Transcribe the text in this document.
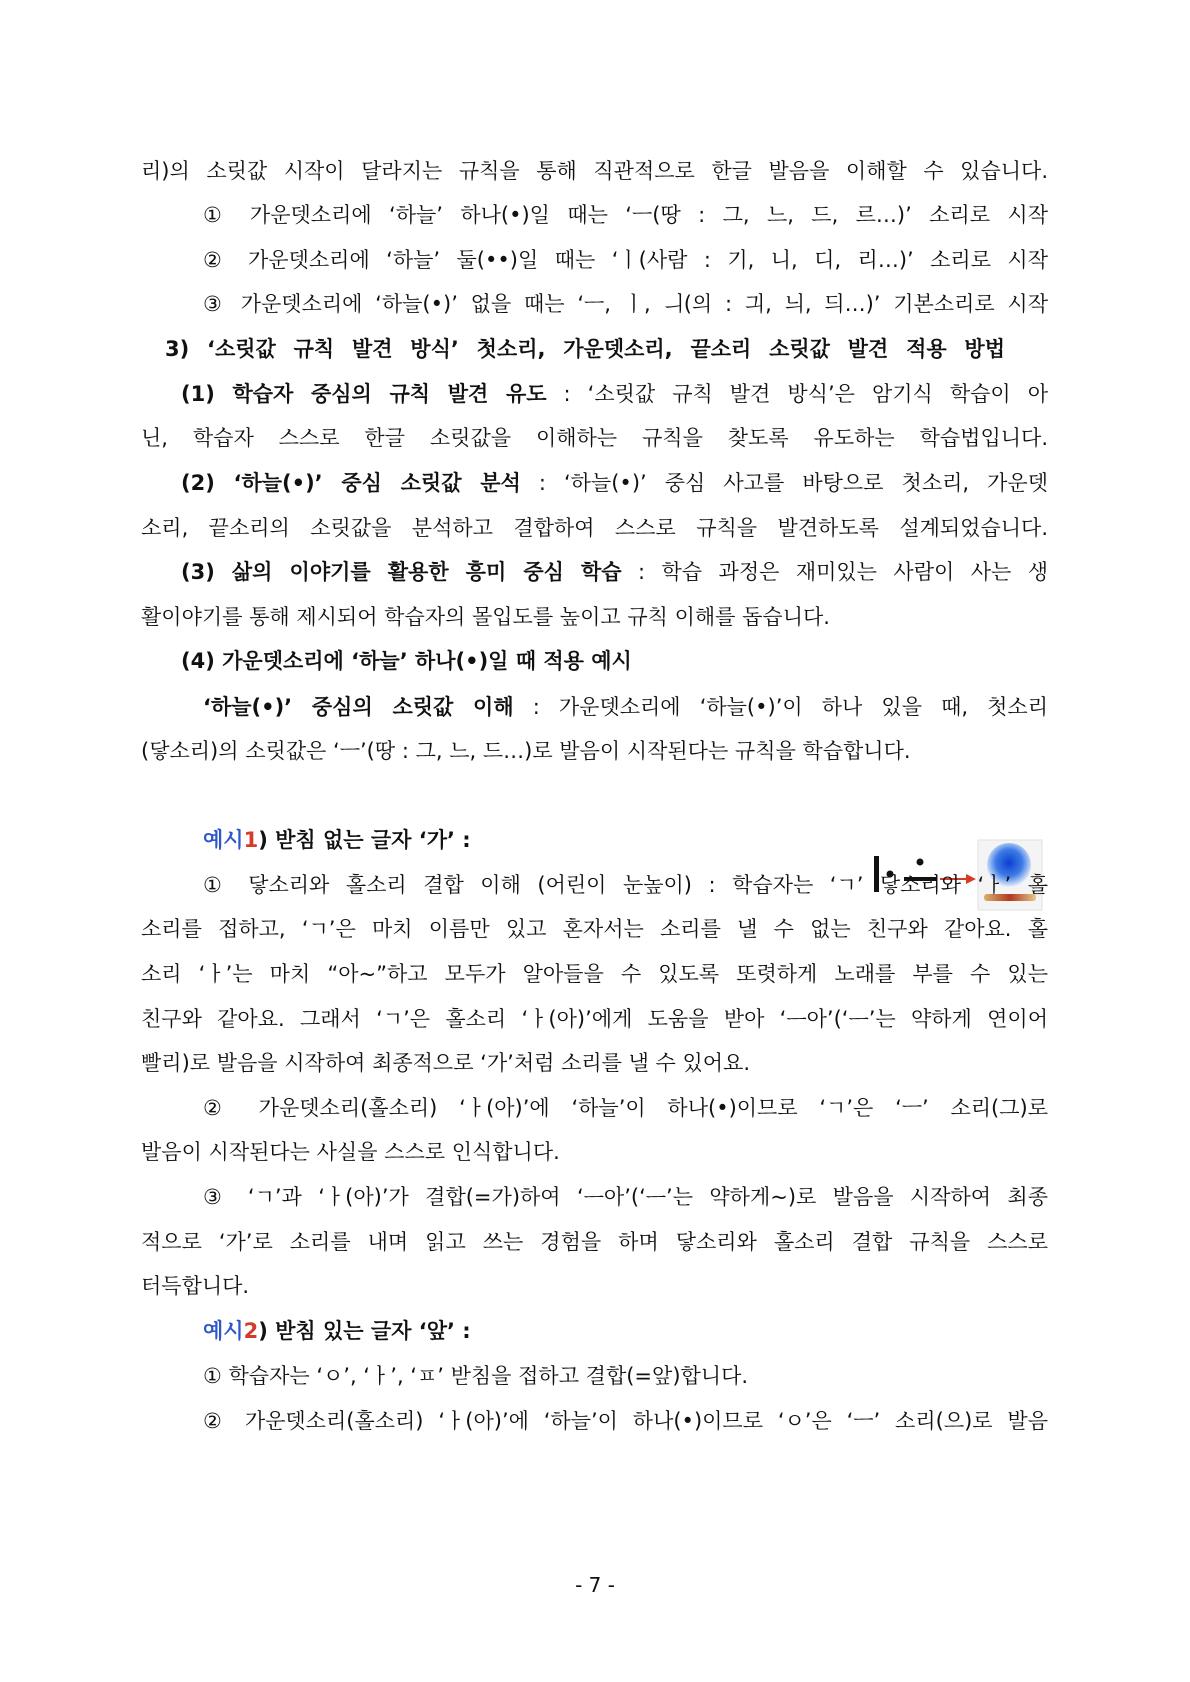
리)의 소릿값 시작이 달라지는 규칙을 통해 직관적으로 한글 발음을 이해할 수 있습니다.
① 가운뎃소리에 ‘하늘’ 하나(•)일 때는 ‘ㅡ(땅 : 그, 느, 드, 르…)’ 소리로 시작
② 가운뎃소리에 ‘하늘’ 둘(••)일 때는 ‘ㅣ(사람 : 기, 니, 디, 리…)’ 소리로 시작
③ 가운뎃소리에 ‘하늘(•)’ 없을 때는 ‘ㅡ, ㅣ, ㅢ(의 : 긔, 늬, 듸…)’ 기본소리로 시작
3) ‘소릿값 규칙 발견 방식’ 첫소리, 가운뎃소리, 끝소리 소릿값 발견 적용 방법
(1) 학습자 중심의 규칙 발견 유도 : ‘소릿값 규칙 발견 방식’은 암기식 학습이 아
닌, 학습자 스스로 한글 소릿값을 이해하는 규칙을 찾도록 유도하는 학습법입니다.
(2) ‘하늘(•)’ 중심 소릿값 분석 : ‘하늘(•)’ 중심 사고를 바탕으로 첫소리, 가운뎃
소리, 끝소리의 소릿값을 분석하고 결합하여 스스로 규칙을 발견하도록 설계되었습니다.
(3) 삶의 이야기를 활용한 흥미 중심 학습 : 학습 과정은 재미있는 사람이 사는 생
활이야기를 통해 제시되어 학습자의 몰입도를 높이고 규칙 이해를 돕습니다.
(4) 가운뎃소리에 ‘하늘’ 하나(•)일 때 적용 예시
‘하늘(•)’ 중심의 소릿값 이해 : 가운뎃소리에 ‘하늘(•)’이 하나 있을 때, 첫소리
(닿소리)의 소릿값은 ‘ㅡ’(땅 : 그, 느, 드…)로 발음이 시작된다는 규칙을 학습합니다.
예시1) 받침 없는 글자 ‘가’ :
① 닿소리와 홀소리 결합 이해 (어린이 눈높이) : 학습자는 ‘ㄱ’ 닿소리와 ‘ㅏ’ 홀
소리를 접하고, ‘ㄱ’은 마치 이름만 있고 혼자서는 소리를 낼 수 없는 친구와 같아요. 홀
소리 ‘ㅏ’는 마치 “아~”하고 모두가 알아들을 수 있도록 또렷하게 노래를 부를 수 있는
친구와 같아요. 그래서 ‘ㄱ’은 홀소리 ‘ㅏ(아)’에게 도움을 받아 ‘ᅳ아’(‘ᅳ’는 약하게 연이어
빨리)로 발음을 시작하여 최종적으로 ‘가’처럼 소리를 낼 수 있어요.
② 가운뎃소리(홀소리) ‘ㅏ(아)’에 ‘하늘’이 하나(•)이므로 ‘ㄱ’은 ‘ㅡ’ 소리(그)로
발음이 시작된다는 사실을 스스로 인식합니다.
③ ‘ㄱ’과 ‘ㅏ(아)’가 결합(=가)하여 ‘ᅳ아’(‘ᅳ’는 약하게~)로 발음을 시작하여 최종
적으로 ‘가’로 소리를 내며 읽고 쓰는 경험을 하며 닿소리와 홀소리 결합 규칙을 스스로
터득합니다.
예시2) 받침 있는 글자 ‘앞’ :
① 학습자는 ‘ㅇ’, ‘ㅏ’, ‘ㅍ’ 받침을 접하고 결합(=앞)합니다.
② 가운뎃소리(홀소리) ‘ㅏ(아)’에 ‘하늘’이 하나(•)이므로 ‘ㅇ’은 ‘ㅡ’ 소리(으)로 발음
- 7 -
